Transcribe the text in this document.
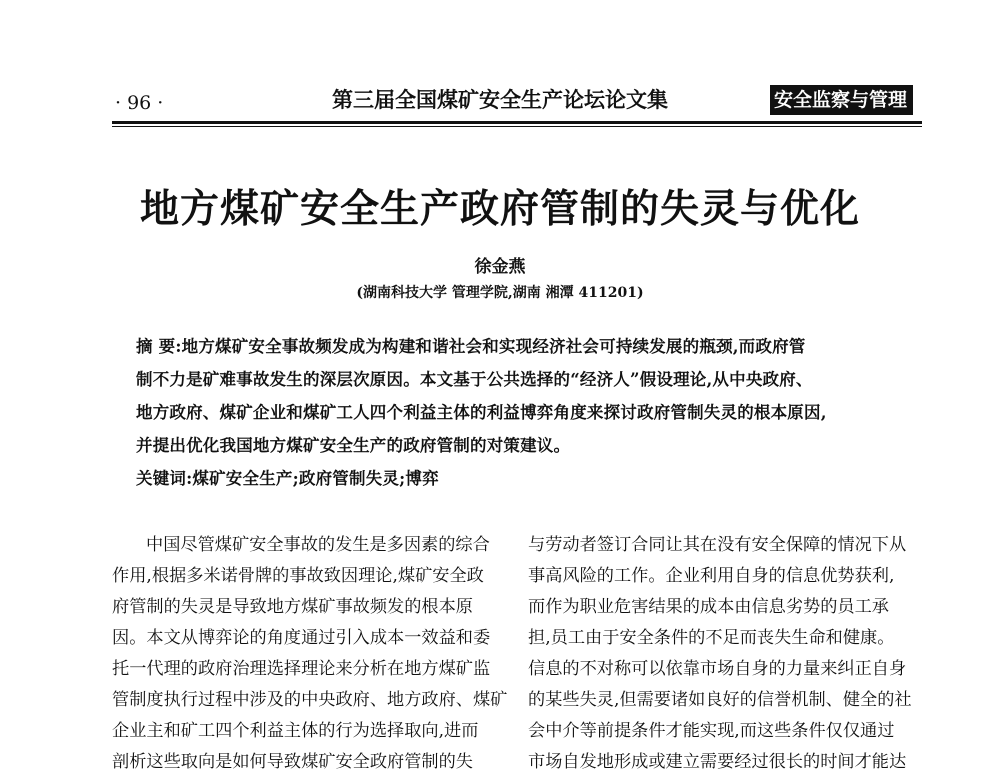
· 96 ·	第三届全国煤矿安全生产论坛论文集	安全监察与管理
地方煤矿安全生产政府管制的失灵与优化
徐金燕
(湖南科技大学 管理学院,湖南 湘潭 411201)
摘 要:地方煤矿安全事故频发成为构建和谐社会和实现经济社会可持续发展的瓶颈,而政府管
制不力是矿难事故发生的深层次原因。本文基于公共选择的“经济人”假设理论,从中央政府、
地方政府、煤矿企业和煤矿工人四个利益主体的利益博弈角度来探讨政府管制失灵的根本原因,
并提出优化我国地方煤矿安全生产的政府管制的对策建议。
关键词:煤矿安全生产;政府管制失灵;博弈
中国尽管煤矿安全事故的发生是多因素的综合
作用,根据多米诺骨牌的事故致因理论,煤矿安全政
府管制的失灵是导致地方煤矿事故频发的根本原
因。本文从博弈论的角度通过引入成本一效益和委
托一代理的政府治理选择理论来分析在地方煤矿监
管制度执行过程中涉及的中央政府、地方政府、煤矿
企业主和矿工四个利益主体的行为选择取向,进而
剖析这些取向是如何导致煤矿安全政府管制的失
与劳动者签订合同让其在没有安全保障的情况下从
事高风险的工作。企业利用自身的信息优势获利,
而作为职业危害结果的成本由信息劣势的员工承
担,员工由于安全条件的不足而丧失生命和健康。
信息的不对称可以依靠市场自身的力量来纠正自身
的某些失灵,但需要诸如良好的信誉机制、健全的社
会中介等前提条件才能实现,而这些条件仅仅通过
市场自发地形成或建立需要经过很长的时间才能达
